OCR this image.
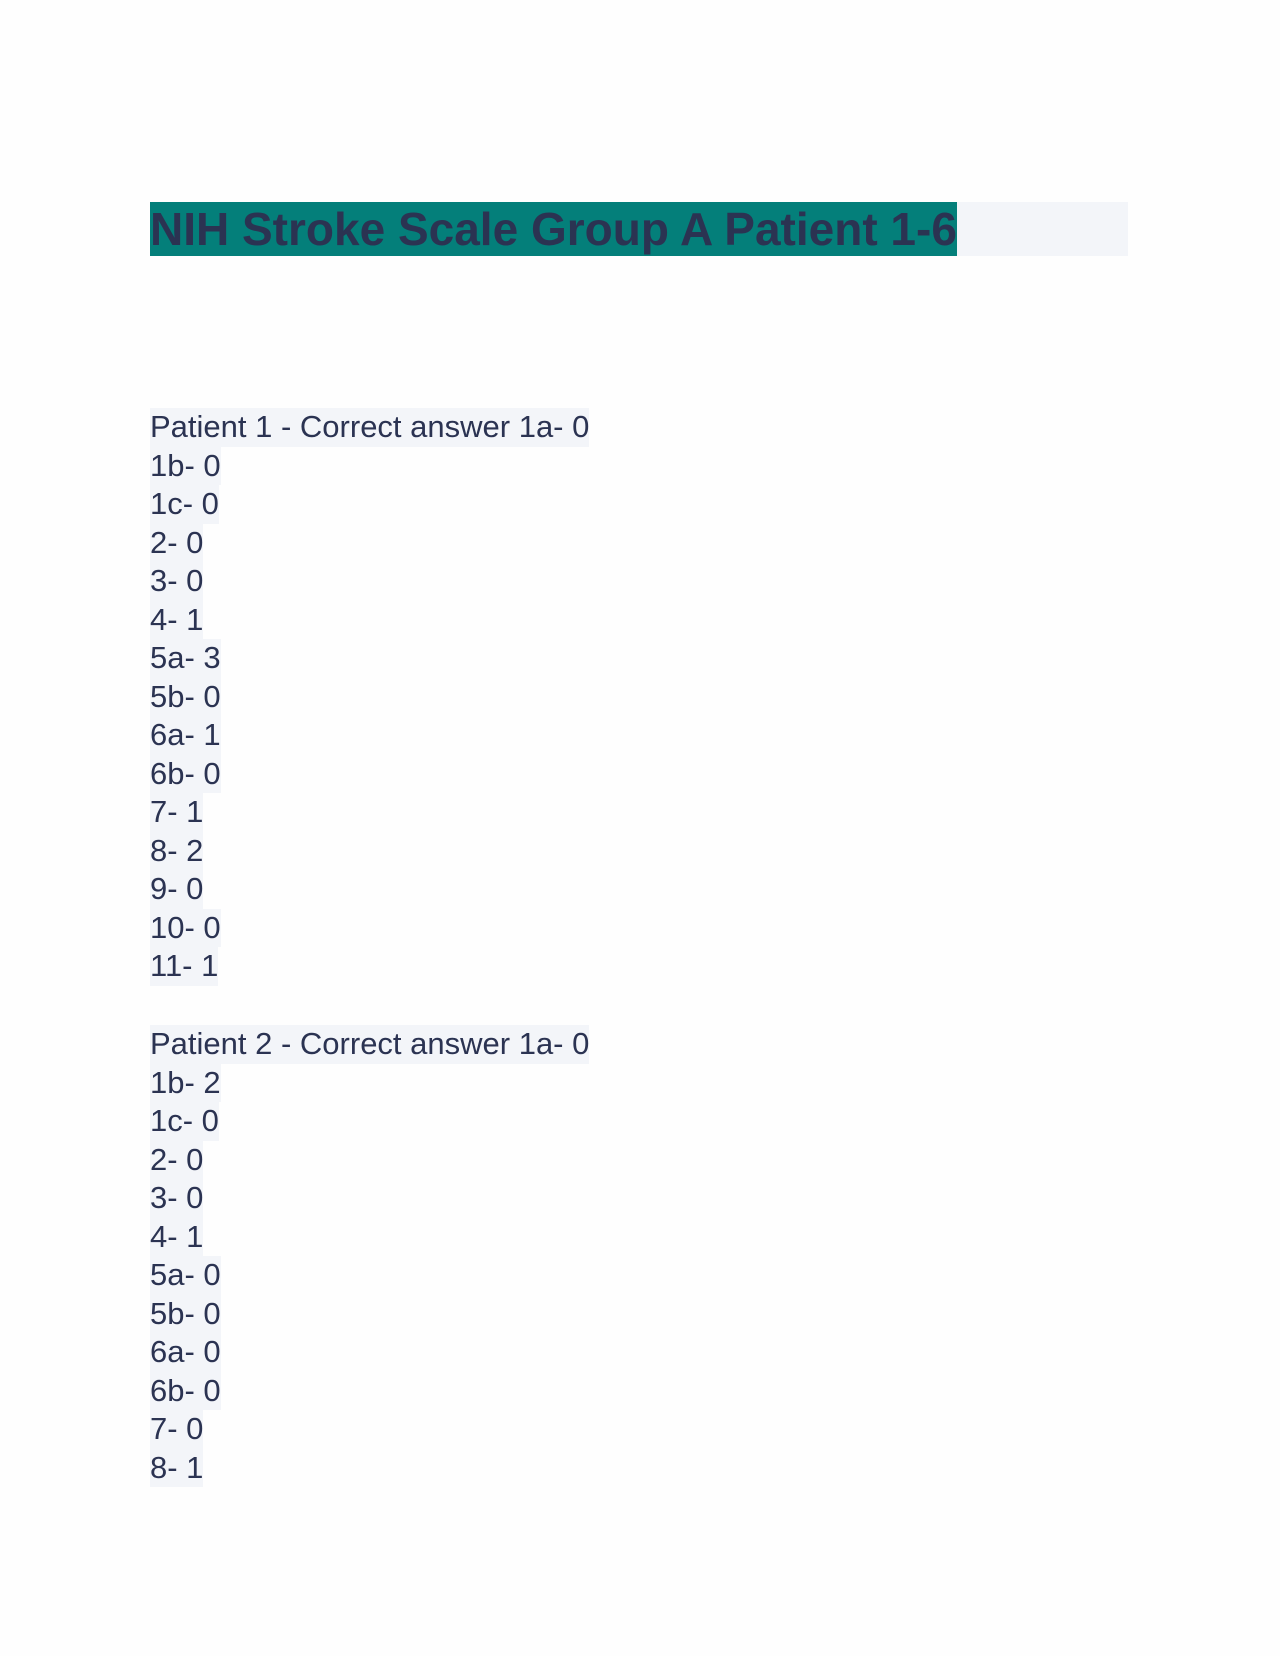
NIH Stroke Scale Group A Patient 1-6
Patient 1 - Correct answer 1a- 0
1b- 0
1c- 0
2- 0
3- 0
4- 1
5a- 3
5b- 0
6a- 1
6b- 0
7- 1
8- 2
9- 0
10- 0
11- 1
Patient 2 - Correct answer 1a- 0
1b- 2
1c- 0
2- 0
3- 0
4- 1
5a- 0
5b- 0
6a- 0
6b- 0
7- 0
8- 1
